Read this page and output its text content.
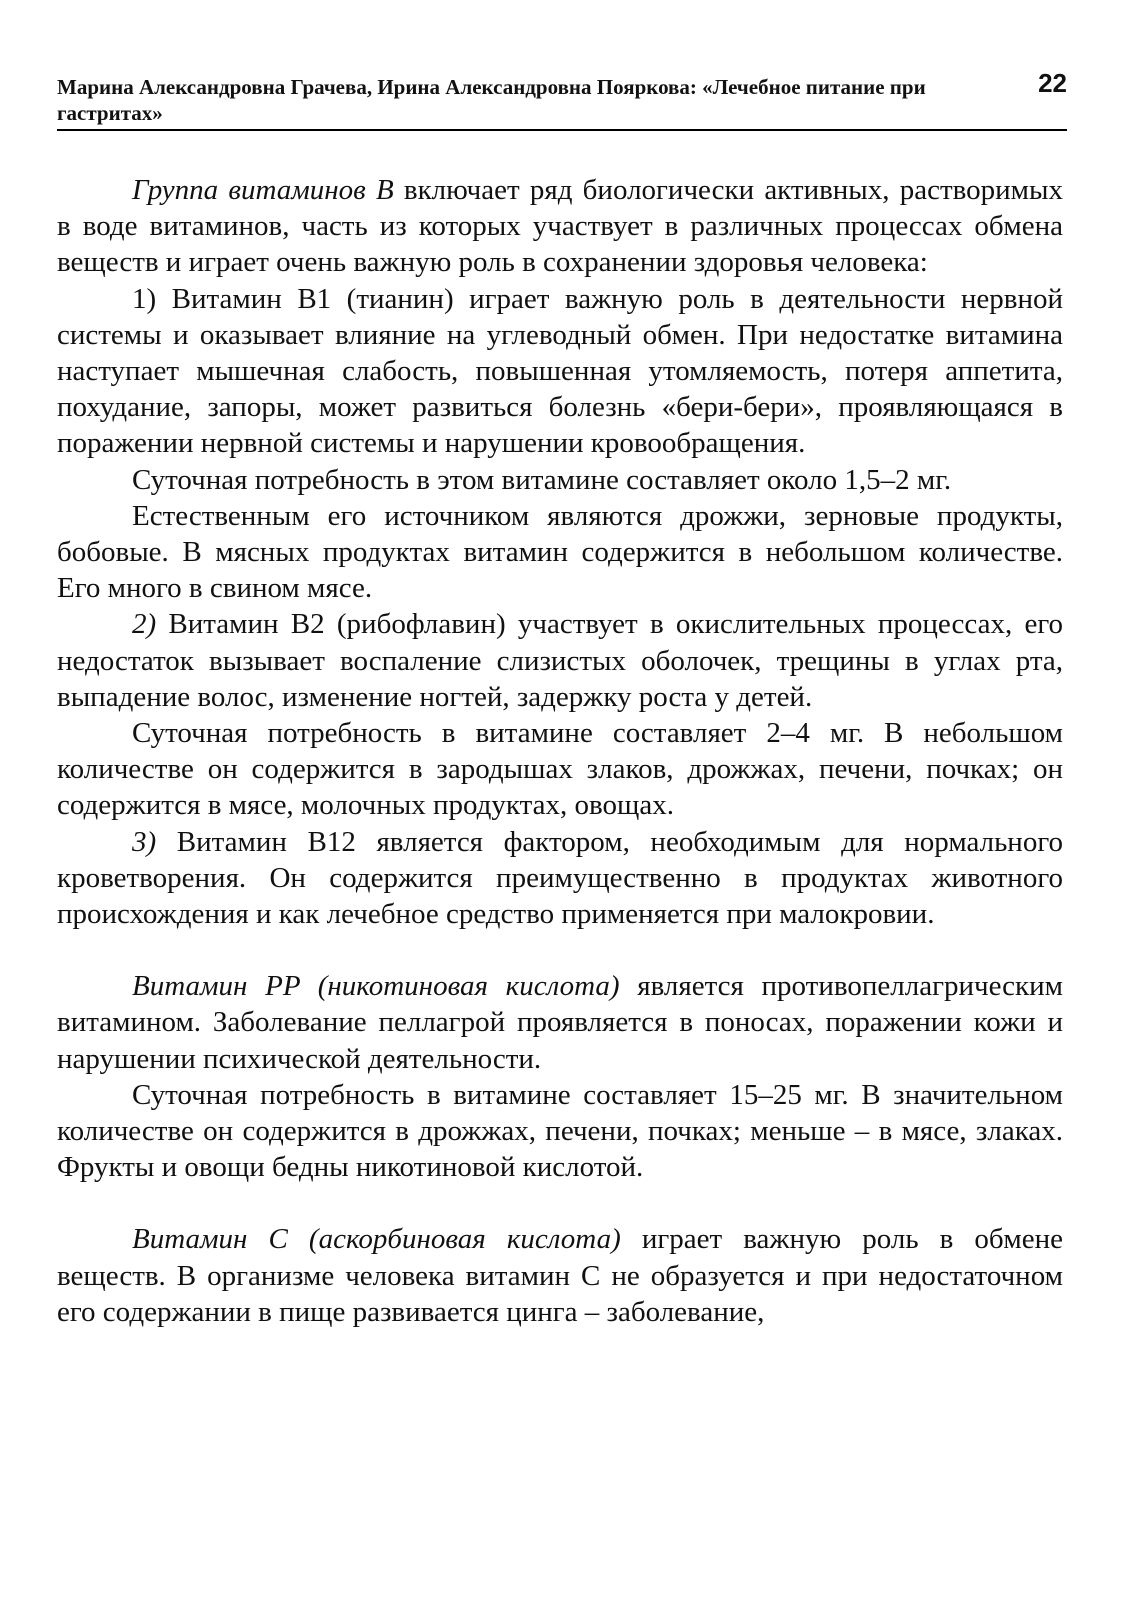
Марина Александровна Грачева, Ирина Александровна Пояркова: «Лечебное питание при гастритах»
22

Группа витаминов В включает ряд биологически активных, растворимых в воде витаминов, часть из которых участвует в различных процессах обмена веществ и играет очень важную роль в сохранении здоровья человека:

1) Витамин В1 (тианин) играет важную роль в деятельности нервной системы и оказывает влияние на углеводный обмен. При недостатке витамина наступает мышечная слабость, повышенная утомляемость, потеря аппетита, похудание, запоры, может развиться болезнь «бери-бери», проявляющаяся в поражении нервной системы и нарушении кровообращения.

Суточная потребность в этом витамине составляет около 1,5–2 мг.

Естественным его источником являются дрожжи, зерновые продукты, бобовые. В мясных продуктах витамин содержится в небольшом количестве. Его много в свином мясе.

2) Витамин В2 (рибофлавин) участвует в окислительных процессах, его недостаток вызывает воспаление слизистых оболочек, трещины в углах рта, выпадение волос, изменение ногтей, задержку роста у детей.

Суточная потребность в витамине составляет 2–4 мг. В небольшом количестве он содержится в зародышах злаков, дрожжах, печени, почках; он содержится в мясе, молочных продуктах, овощах.

3) Витамин В12 является фактором, необходимым для нормального кроветворения. Он содержится преимущественно в продуктах животного происхождения и как лечебное средство применяется при малокровии.

Витамин PP (никотиновая кислота) является противопеллагрическим витамином. Заболевание пеллагрой проявляется в поносах, поражении кожи и нарушении психической деятельности.

Суточная потребность в витамине составляет 15–25 мг. В значительном количестве он содержится в дрожжах, печени, почках; меньше – в мясе, злаках. Фрукты и овощи бедны никотиновой кислотой.

Витамин С (аскорбиновая кислота) играет важную роль в обмене веществ. В организме человека витамин С не образуется и при недостаточном его содержании в пище развивается цинга – заболевание,
